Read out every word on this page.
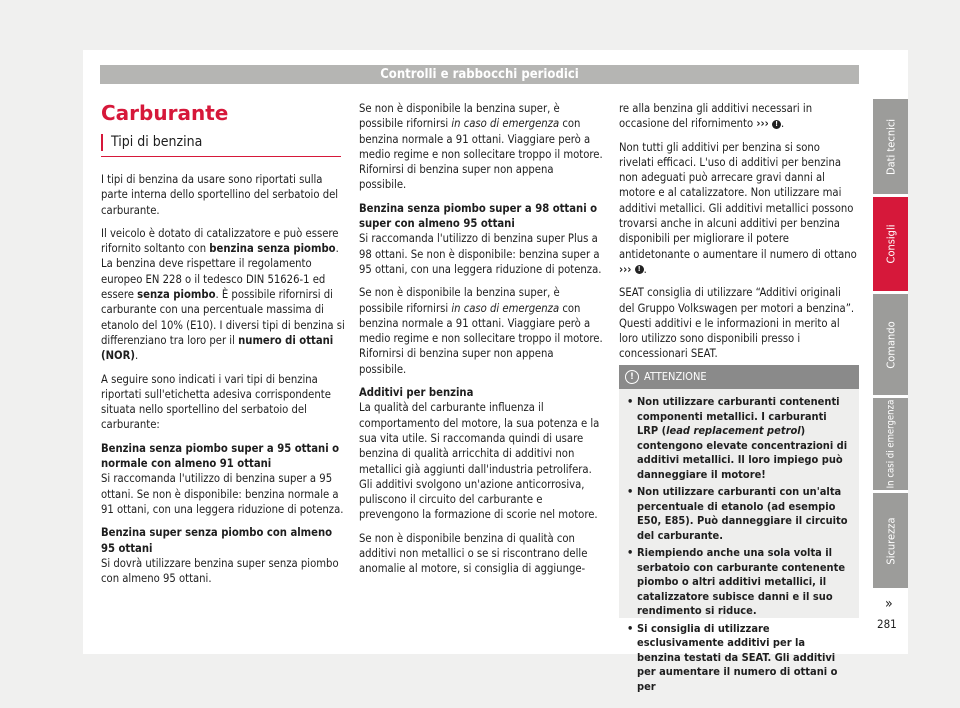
Controlli e rabbocchi periodici
Carburante
Tipi di benzina

I tipi di benzina da usare sono riportati sulla parte interna dello sportellino del serbatoio del carburante.

Il veicolo è dotato di catalizzatore e può essere rifornito soltanto con benzina senza piombo. La benzina deve rispettare il regolamento europeo EN 228 o il tedesco DIN 51626-1 ed essere senza piombo. È possibile rifornirsi di carburante con una percentuale massima di etanolo del 10% (E10). I diversi tipi di benzina si differenziano tra loro per il numero di ottani (NOR).

A seguire sono indicati i vari tipi di benzina riportati sull'etichetta adesiva corrispondente situata nello sportellino del serbatoio del carburante:

Benzina senza piombo super a 95 ottani o normale con almeno 91 ottani

Si raccomanda l'utilizzo di benzina super a 95 ottani. Se non è disponibile: benzina normale a 91 ottani, con una leggera riduzione di potenza.

Benzina super senza piombo con almeno 95 ottani

Si dovrà utilizzare benzina super senza piombo con almeno 95 ottani.

Se non è disponibile la benzina super, è possibile rifornirsi in caso di emergenza con benzina normale a 91 ottani. Viaggiare però a medio regime e non sollecitare troppo il motore. Rifornirsi di benzina super non appena possibile.

Benzina senza piombo super a 98 ottani o super con almeno 95 ottani

Si raccomanda l'utilizzo di benzina super Plus a 98 ottani. Se non è disponibile: benzina super a 95 ottani, con una leggera riduzione di potenza.

Se non è disponibile la benzina super, è possibile rifornirsi in caso di emergenza con benzina normale a 91 ottani. Viaggiare però a medio regime e non sollecitare troppo il motore. Rifornirsi di benzina super non appena possibile.

Additivi per benzina

La qualità del carburante influenza il comportamento del motore, la sua potenza e la sua vita utile. Si raccomanda quindi di usare benzina di qualità arricchita di additivi non metallici già aggiunti dall'industria petrolifera. Gli additivi svolgono un'azione anticorrosiva, puliscono il circuito del carburante e prevengono la formazione di scorie nel motore.

Se non è disponibile benzina di qualità con additivi non metallici o se si riscontrano delle anomalie al motore, si consiglia di aggiunge-

re alla benzina gli additivi necessari in occasione del rifornimento ››› ! .

Non tutti gli additivi per benzina si sono rivelati efficaci. L'uso di additivi per benzina non adeguati può arrecare gravi danni al motore e al catalizzatore. Non utilizzare mai additivi metallici. Gli additivi metallici possono trovarsi anche in alcuni additivi per benzina disponibili per migliorare il potere antidetonante o aumentare il numero di ottano ››› ! .

SEAT consiglia di utilizzare “Additivi originali del Gruppo Volkswagen per motori a benzina”. Questi additivi e le informazioni in merito al loro utilizzo sono disponibili presso i concessionari SEAT.

! ATTENZIONE
• Non utilizzare carburanti contenenti componenti metallici. I carburanti LRP (lead replacement petrol) contengono elevate concentrazioni di additivi metallici. Il loro impiego può danneggiare il motore!
• Non utilizzare carburanti con un'alta percentuale di etanolo (ad esempio E50, E85). Può danneggiare il circuito del carburante.
• Riempiendo anche una sola volta il serbatoio con carburante contenente piombo o altri additivi metallici, il catalizzatore subisce danni e il suo rendimento si riduce.
• Si consiglia di utilizzare esclusivamente additivi per la benzina testati da SEAT. Gli additivi per aumentare il numero di ottani o per
Dati tecnici
Consigli
Comando
In casi di emergenza
Sicurezza
»
281
